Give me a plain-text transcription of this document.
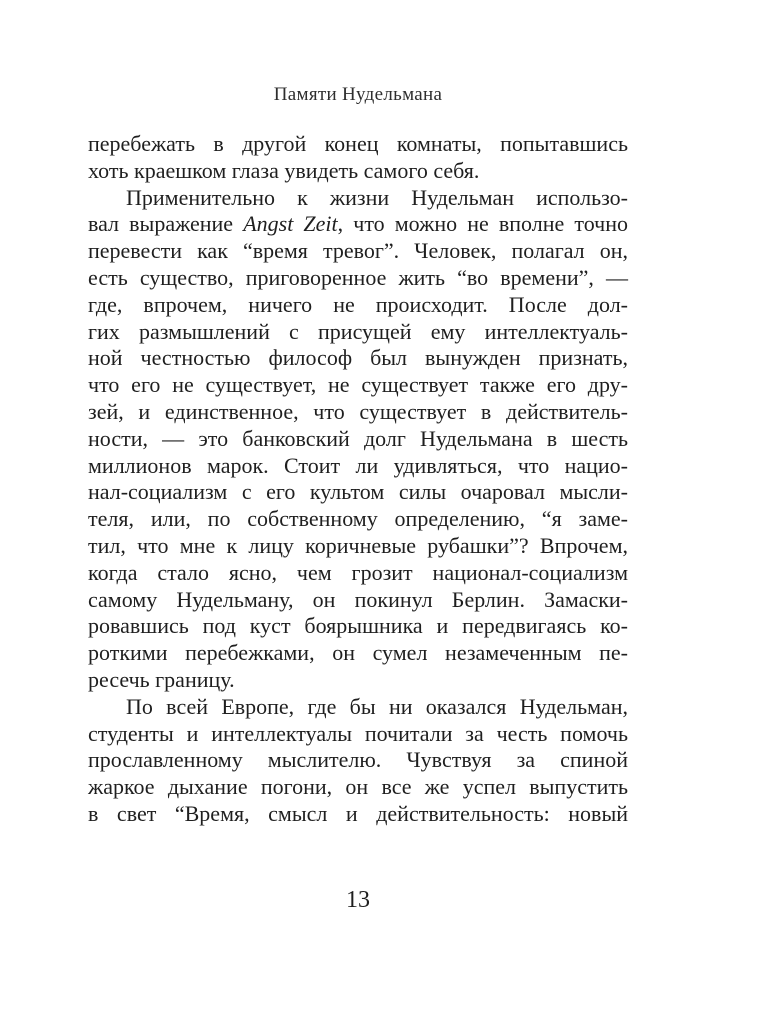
Памяти Нудельмана
перебежать в другой конец комнаты, попытавшись
хоть краешком глаза увидеть самого себя.
Применительно к жизни Нудельман использо-
вал выражение Angst Zeit, что можно не вполне точно
перевести как “время тревог”. Человек, полагал он,
есть существо, приговоренное жить “во времени”, —
где, впрочем, ничего не происходит. После дол-
гих размышлений с присущей ему интеллектуаль-
ной честностью философ был вынужден признать,
что его не существует, не существует также его дру-
зей, и единственное, что существует в действитель-
ности, — это банковский долг Нудельмана в шесть
миллионов марок. Стоит ли удивляться, что нацио-
нал-социализм с его культом силы очаровал мысли-
теля, или, по собственному определению, “я заме-
тил, что мне к лицу коричневые рубашки”? Впрочем,
когда стало ясно, чем грозит национал-социализм
самому Нудельману, он покинул Берлин. Замаски-
ровавшись под куст боярышника и передвигаясь ко-
роткими перебежками, он сумел незамеченным пе-
ресечь границу.
По всей Европе, где бы ни оказался Нудельман,
студенты и интеллектуалы почитали за честь помочь
прославленному мыслителю. Чувствуя за спиной
жаркое дыхание погони, он все же успел выпустить
в свет “Время, смысл и действительность: новый
13
